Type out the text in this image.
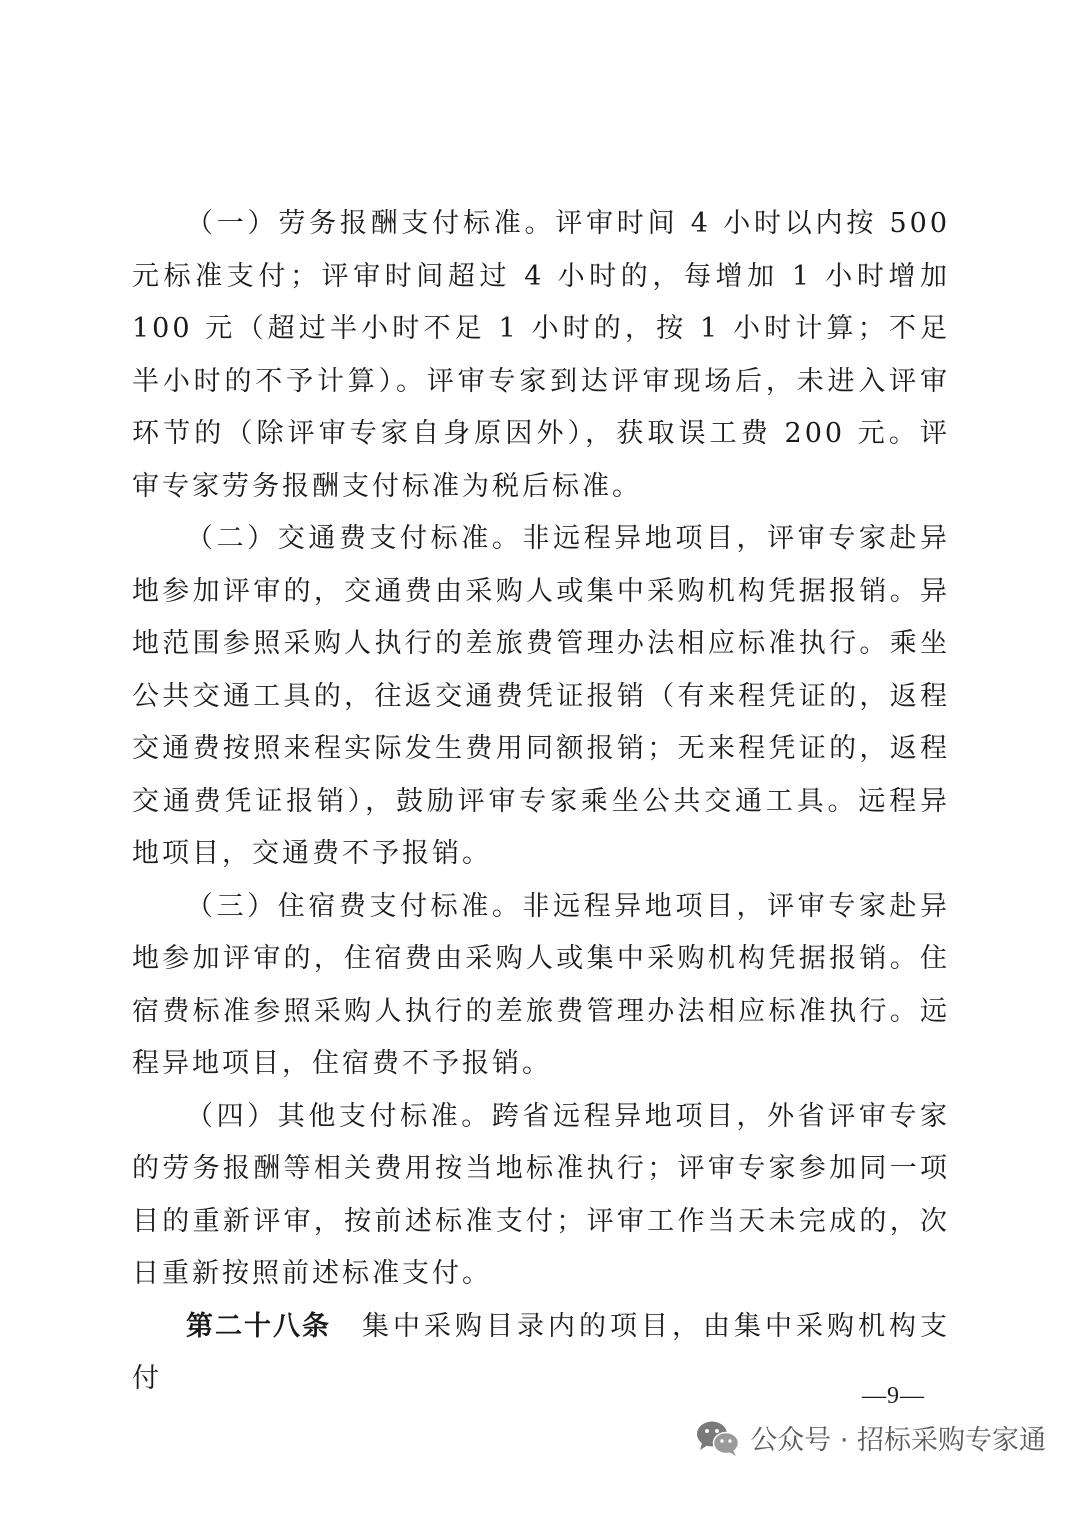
（一）劳务报酬支付标准。评审时间 4 小时以内按 500 元标准支付；评审时间超过 4 小时的，每增加 1 小时增加 100 元（超过半小时不足 1 小时的，按 1 小时计算；不足半小时的不予计算）。评审专家到达评审现场后，未进入评审环节的（除评审专家自身原因外），获取误工费 200 元。评审专家劳务报酬支付标准为税后标准。

（二）交通费支付标准。非远程异地项目，评审专家赴异地参加评审的，交通费由采购人或集中采购机构凭据报销。异地范围参照采购人执行的差旅费管理办法相应标准执行。乘坐公共交通工具的，往返交通费凭证报销（有来程凭证的，返程交通费按照来程实际发生费用同额报销；无来程凭证的，返程交通费凭证报销），鼓励评审专家乘坐公共交通工具。远程异地项目，交通费不予报销。

（三）住宿费支付标准。非远程异地项目，评审专家赴异地参加评审的，住宿费由采购人或集中采购机构凭据报销。住宿费标准参照采购人执行的差旅费管理办法相应标准执行。远程异地项目，住宿费不予报销。

（四）其他支付标准。跨省远程异地项目，外省评审专家的劳务报酬等相关费用按当地标准执行；评审专家参加同一项目的重新评审，按前述标准支付；评审工作当天未完成的，次日重新按照前述标准支付。

第二十八条 集中采购目录内的项目，由集中采购机构支付

—9—
公众号 · 招标采购专家通
